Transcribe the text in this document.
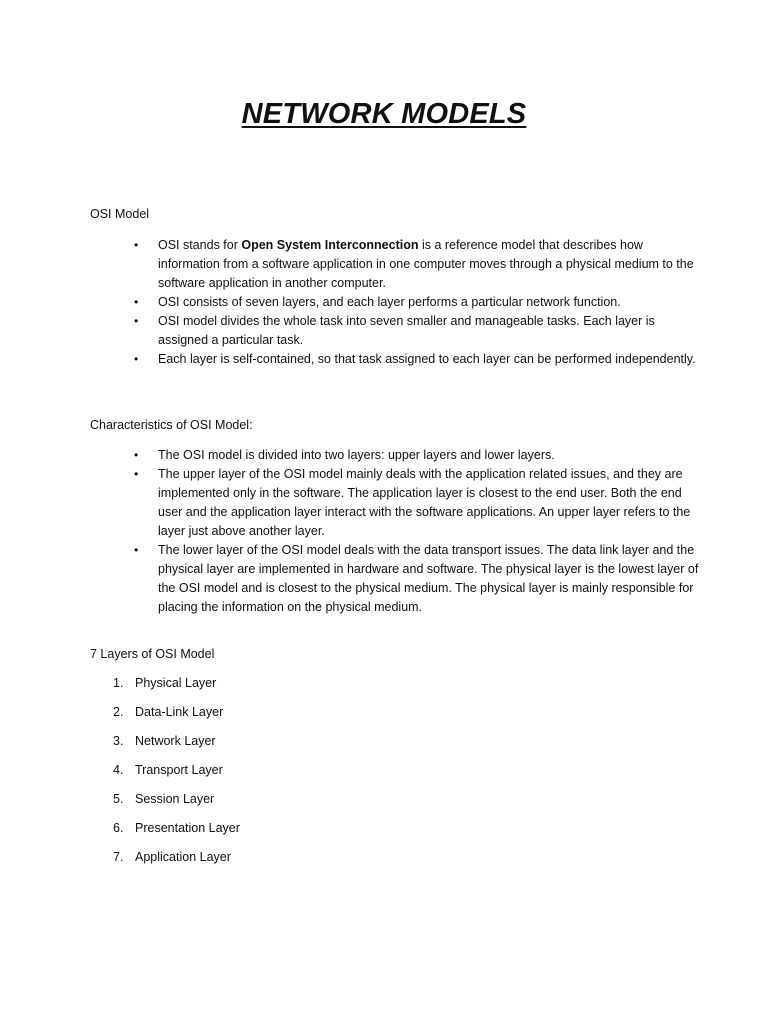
NETWORK MODELS
OSI Model
• OSI stands for Open System Interconnection is a reference model that describes how information from a software application in one computer moves through a physical medium to the software application in another computer.
• OSI consists of seven layers, and each layer performs a particular network function.
• OSI model divides the whole task into seven smaller and manageable tasks. Each layer is assigned a particular task.
• Each layer is self-contained, so that task assigned to each layer can be performed independently.
Characteristics of OSI Model:
• The OSI model is divided into two layers: upper layers and lower layers.
• The upper layer of the OSI model mainly deals with the application related issues, and they are implemented only in the software. The application layer is closest to the end user. Both the end user and the application layer interact with the software applications. An upper layer refers to the layer just above another layer.
• The lower layer of the OSI model deals with the data transport issues. The data link layer and the physical layer are implemented in hardware and software. The physical layer is the lowest layer of the OSI model and is closest to the physical medium. The physical layer is mainly responsible for placing the information on the physical medium.
7 Layers of OSI Model
1. Physical Layer
2. Data-Link Layer
3. Network Layer
4. Transport Layer
5. Session Layer
6. Presentation Layer
7. Application Layer
